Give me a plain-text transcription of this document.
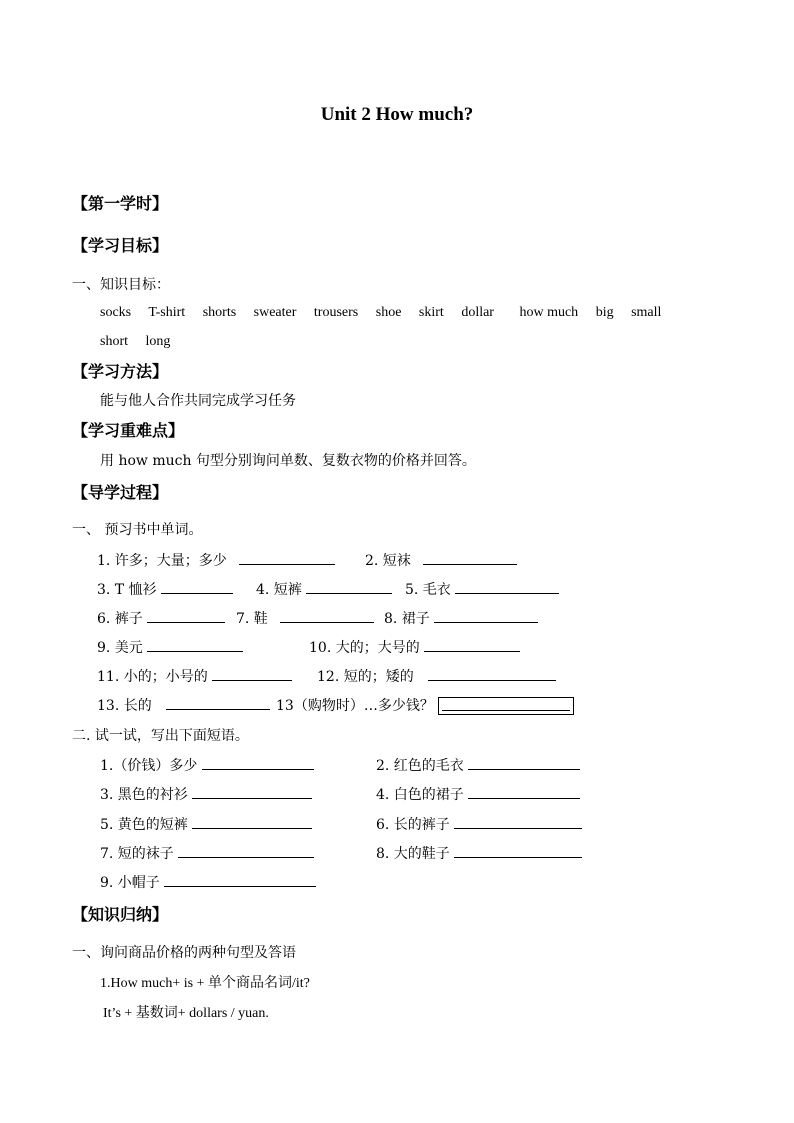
Unit 2 How much?
【第一学时】
【学习目标】
一、知识目标：
socks T-shirt shorts sweater trousers shoe skirt dollar how much big small
short long
【学习方法】
能与他人合作共同完成学习任务
【学习重难点】
用 how much 句型分别询问单数、复数衣物的价格并回答。
【导学过程】
一、 预习书中单词。
1. 许多；大量；多少	2. 短袜
3. T 恤衫	4. 短裤	5. 毛衣
6. 裤子	7. 鞋	8. 裙子
9. 美元	10. 大的；大号的
11. 小的；小号的	12. 短的；矮的
13. 长的	13（购物时）…多少钱？
二. 试一试，写出下面短语。
1.（价钱）多少	2. 红色的毛衣
3. 黑色的衬衫	4. 白色的裙子
5. 黄色的短裤	6. 长的裤子
7. 短的袜子	8. 大的鞋子
9. 小帽子
【知识归纳】
一、询问商品价格的两种句型及答语
1.How much+ is + 单个商品名词/it?
It’s + 基数词+ dollars / yuan.
